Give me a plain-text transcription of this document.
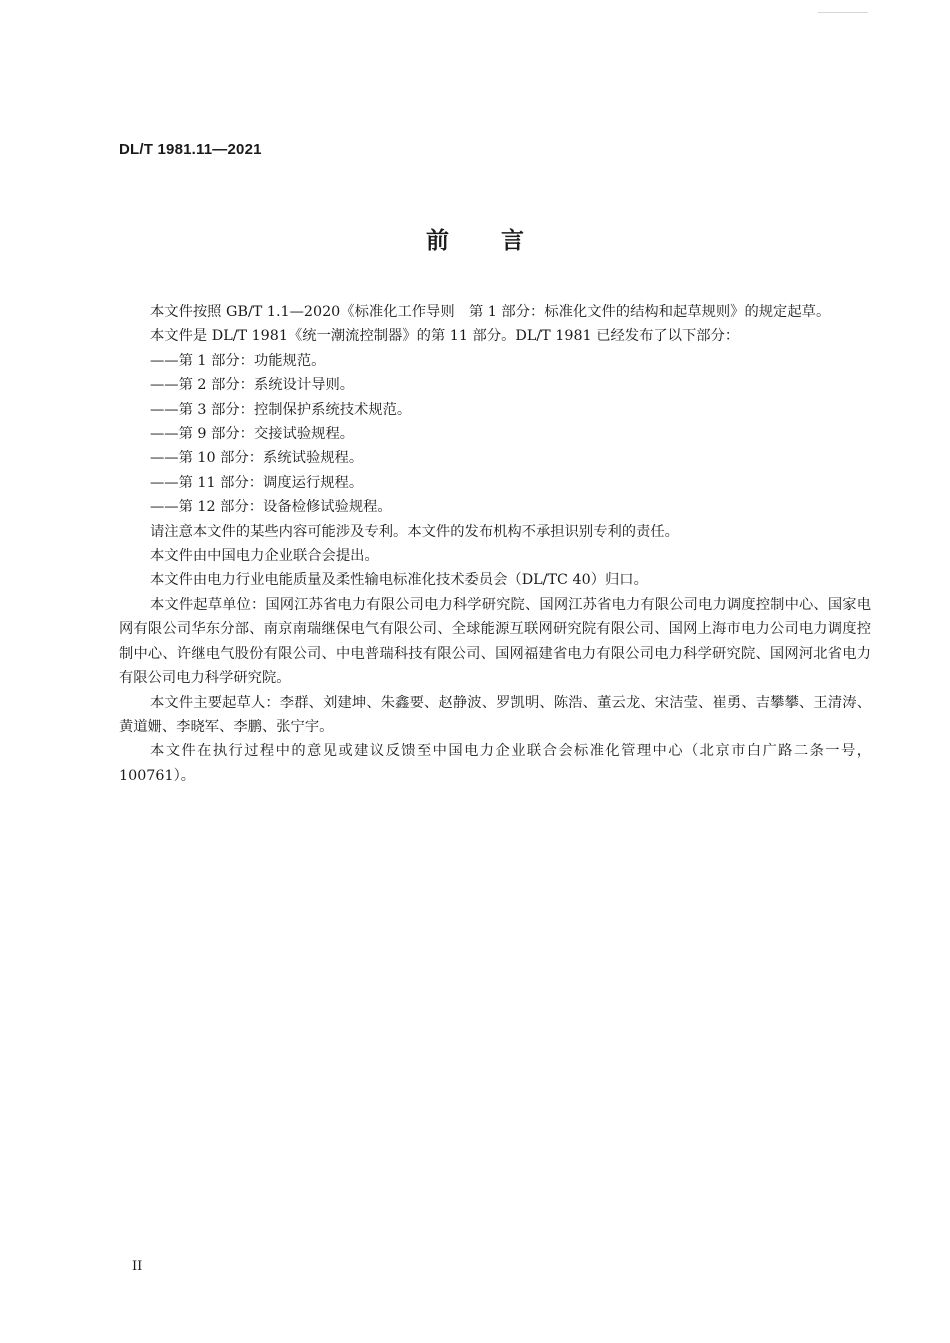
DL/T 1981.11—2021
前言

本文件按照 GB/T 1.1—2020《标准化工作导则　第 1 部分：标准化文件的结构和起草规则》的规定起草。

本文件是 DL/T 1981《统一潮流控制器》的第 11 部分。DL/T 1981 已经发布了以下部分：

——第 1 部分：功能规范。

——第 2 部分：系统设计导则。

——第 3 部分：控制保护系统技术规范。

——第 9 部分：交接试验规程。

——第 10 部分：系统试验规程。

——第 11 部分：调度运行规程。

——第 12 部分：设备检修试验规程。

请注意本文件的某些内容可能涉及专利。本文件的发布机构不承担识别专利的责任。

本文件由中国电力企业联合会提出。

本文件由电力行业电能质量及柔性输电标准化技术委员会（DL/TC 40）归口。

本文件起草单位：国网江苏省电力有限公司电力科学研究院、国网江苏省电力有限公司电力调度控制中心、国家电网有限公司华东分部、南京南瑞继保电气有限公司、全球能源互联网研究院有限公司、国网上海市电力公司电力调度控制中心、许继电气股份有限公司、中电普瑞科技有限公司、国网福建省电力有限公司电力科学研究院、国网河北省电力有限公司电力科学研究院。

本文件主要起草人：李群、刘建坤、朱鑫要、赵静波、罗凯明、陈浩、董云龙、宋洁莹、崔勇、吉攀攀、王清涛、黄道姗、李晓军、李鹏、张宁宇。

本文件在执行过程中的意见或建议反馈至中国电力企业联合会标准化管理中心（北京市白广路二条一号，100761）。

II
